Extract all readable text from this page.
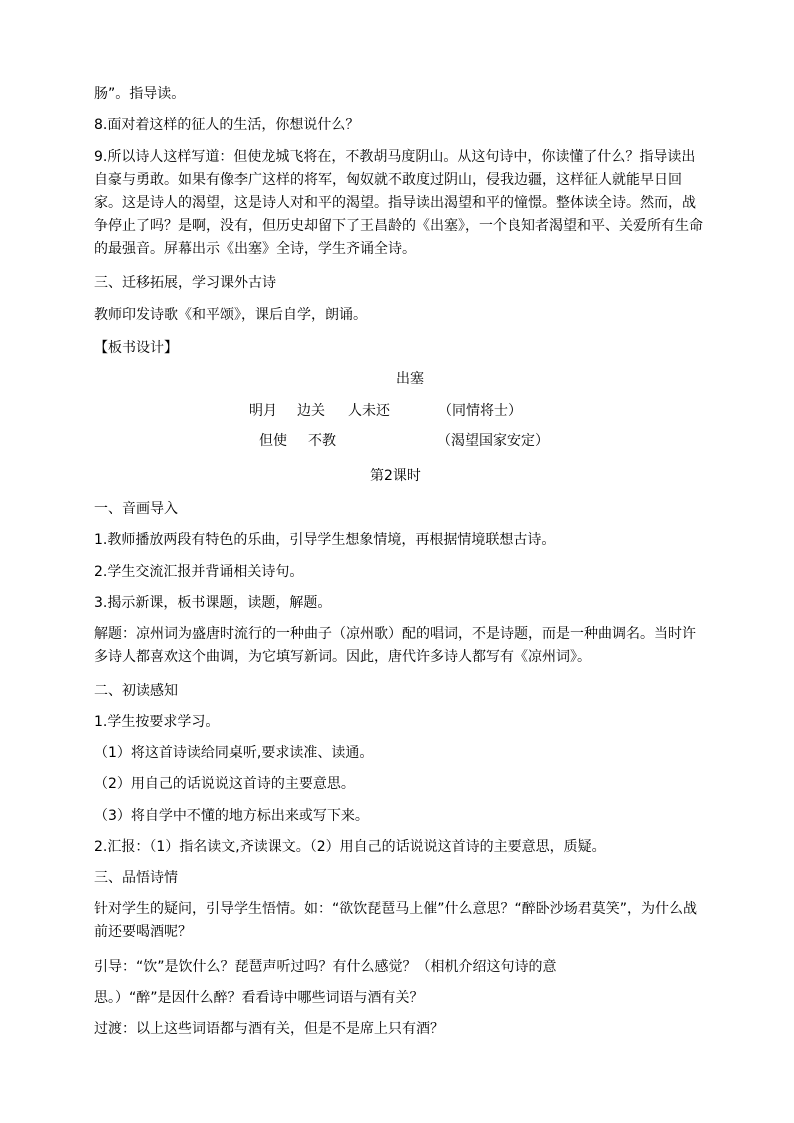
肠”。指导读。
8.面对着这样的征人的生活，你想说什么？
9.所以诗人这样写道：但使龙城飞将在，不教胡马度阴山。从这句诗中，你读懂了什么？指导读出自豪与勇敢。如果有像李广这样的将军，匈奴就不敢度过阴山，侵我边疆，这样征人就能早日回家。这是诗人的渴望，这是诗人对和平的渴望。指导读出渴望和平的憧憬。整体读全诗。然而，战争停止了吗？是啊，没有，但历史却留下了王昌龄的《出塞》，一个良知者渴望和平、关爱所有生命的最强音。屏幕出示《出塞》全诗，学生齐诵全诗。
三、迁移拓展，学习课外古诗
教师印发诗歌《和平颂》，课后自学，朗诵。
【板书设计】
出塞
明月 边关 人未还	（同情将士）
但使 不教	（渴望国家安定）
第2课时
一、音画导入
1.教师播放两段有特色的乐曲，引导学生想象情境，再根据情境联想古诗。
2.学生交流汇报并背诵相关诗句。
3.揭示新课，板书课题，读题，解题。
解题：凉州词为盛唐时流行的一种曲子（凉州歌）配的唱词，不是诗题，而是一种曲调名。当时许多诗人都喜欢这个曲调，为它填写新词。因此，唐代许多诗人都写有《凉州词》。
二、初读感知
1.学生按要求学习。
（1）将这首诗读给同桌听,要求读准、读通。
（2）用自己的话说说这首诗的主要意思。
（3）将自学中不懂的地方标出来或写下来。
2.汇报：（1）指名读文,齐读课文。（2）用自己的话说说这首诗的主要意思，质疑。
三、品悟诗情
针对学生的疑问，引导学生悟情。如：“欲饮琵琶马上催”什么意思？“醉卧沙场君莫笑”，为什么战前还要喝酒呢？
引导：“饮”是饮什么？琵琶声听过吗？有什么感觉？（相机介绍这句诗的意
思。）“醉”是因什么醉？看看诗中哪些词语与酒有关？
过渡：以上这些词语都与酒有关，但是不是席上只有酒？
